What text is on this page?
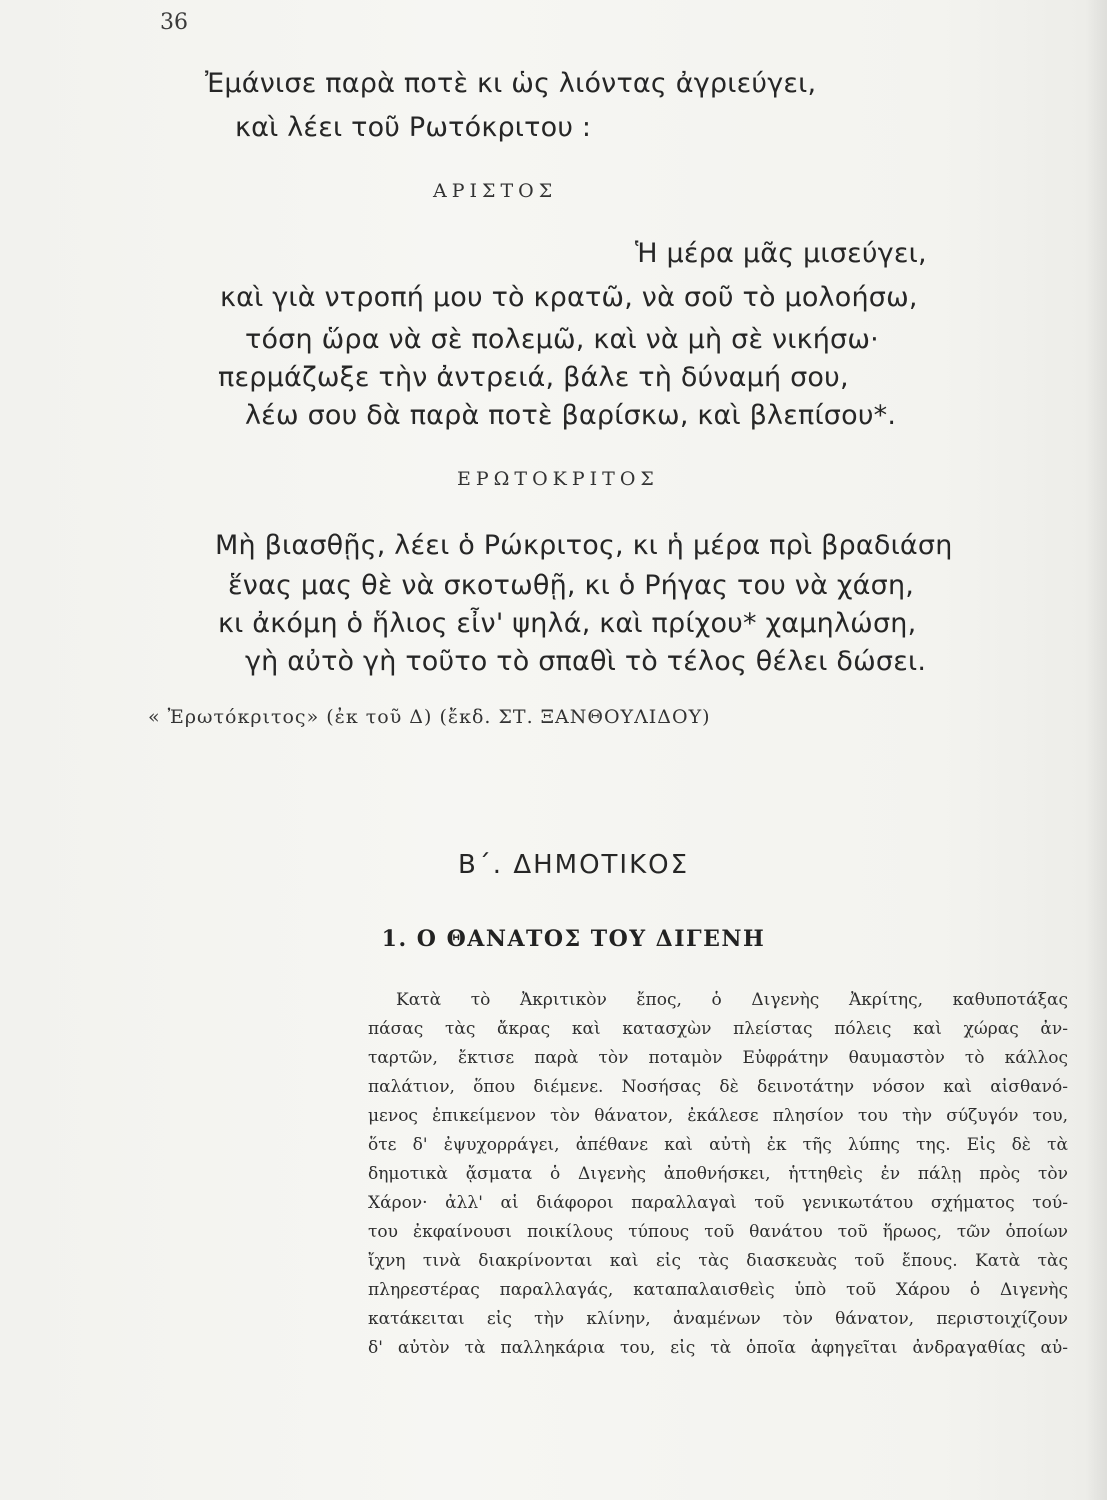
36
Ἐμάνισε παρὰ ποτὲ κι ὡς λιόντας ἀγριεύγει,
καὶ λέει τοῦ Ρωτόκριτου :
ΑΡΙΣΤΟΣ
Ἡ μέρα μᾶς μισεύγει,
καὶ γιὰ ντροπή μου τὸ κρατῶ, νὰ σοῦ τὸ μολοήσω,
τόση ὥρα νὰ σὲ πολεμῶ, καὶ νὰ μὴ σὲ νικήσω·
περμάζωξε τὴν ἀντρειά, βάλε τὴ δύναμή σου,
λέω σου δὰ παρὰ ποτὲ βαρίσκω, καὶ βλεπίσου*.
ΕΡΩΤΟΚΡΙΤΟΣ
Μὴ βιασθῇς, λέει ὁ Ρώκριτος, κι ἡ μέρα πρὶ βραδιάση
ἕνας μας θὲ νὰ σκοτωθῇ, κι ὁ Ρήγας του νὰ χάση,
κι ἀκόμη ὁ ἥλιος εἶν' ψηλά, καὶ πρίχου* χαμηλώση,
γὴ αὐτὸ γὴ τοῦτο τὸ σπαθὶ τὸ τέλος θέλει δώσει.
« Ἐρωτόκριτος» (ἐκ τοῦ Δ) (ἔκδ. ΣΤ. ΞΑΝΘΟΥΛΙΔΟΥ)
Β΄. ΔΗΜΟΤΙΚΟΣ
1. Ο ΘΑΝΑΤΟΣ ΤΟΥ ΔΙΓΕΝΗ
Κατὰ τὸ Ἀκριτικὸν ἔπος, ὁ Διγενὴς Ἀκρίτης, καθυποτάξας
πάσας τὰς ἄκρας καὶ κατασχὼν πλείστας πόλεις καὶ χώρας ἀν-
ταρτῶν, ἔκτισε παρὰ τὸν ποταμὸν Εὐφράτην θαυμαστὸν τὸ κάλλος
παλάτιον, ὅπου διέμενε. Νοσήσας δὲ δεινοτάτην νόσον καὶ αἰσθανό-
μενος ἐπικείμενον τὸν θάνατον, ἐκάλεσε πλησίον του τὴν σύζυγόν του,
ὅτε δ' ἐψυχορράγει, ἀπέθανε καὶ αὐτὴ ἐκ τῆς λύπης της. Εἰς δὲ τὰ
δημοτικὰ ᾄσματα ὁ Διγενὴς ἀποθνήσκει, ἡττηθεὶς ἐν πάλῃ πρὸς τὸν
Χάρον· ἀλλ' αἱ διάφοροι παραλλαγαὶ τοῦ γενικωτάτου σχήματος τού-
του ἐκφαίνουσι ποικίλους τύπους τοῦ θανάτου τοῦ ἥρωος, τῶν ὁποίων
ἴχνη τινὰ διακρίνονται καὶ εἰς τὰς διασκευὰς τοῦ ἔπους. Κατὰ τὰς
πληρεστέρας παραλλαγάς, καταπαλαισθεὶς ὑπὸ τοῦ Χάρου ὁ Διγενὴς
κατάκειται εἰς τὴν κλίνην, ἀναμένων τὸν θάνατον, περιστοιχίζουν
δ' αὐτὸν τὰ παλληκάρια του, εἰς τὰ ὁποῖα ἀφηγεῖται ἀνδραγαθίας αὐ-
